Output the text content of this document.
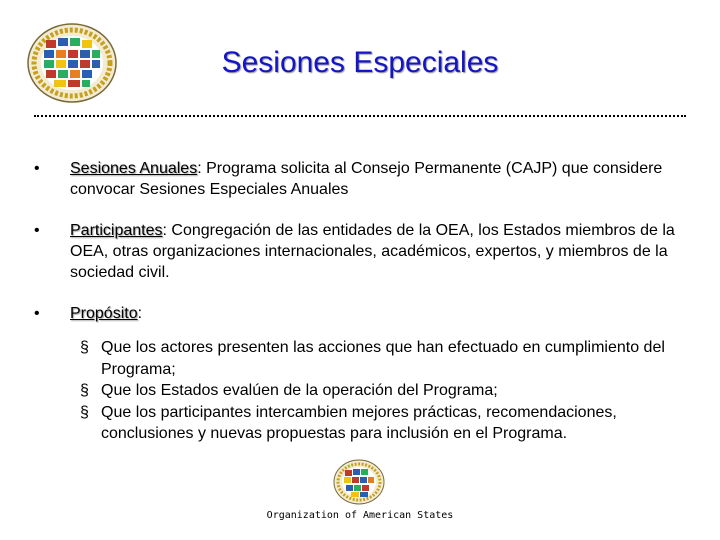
Sesiones Especiales
• Sesiones Anuales: Programa solicita al Consejo Permanente (CAJP) que considere convocar Sesiones Especiales Anuales
• Participantes: Congregación de las entidades de la OEA, los Estados miembros de la OEA, otras organizaciones internacionales, académicos, expertos, y miembros de la sociedad civil.
• Propósito:
§ Que los actores presenten las acciones que han efectuado en cumplimiento del Programa;
§ Que los Estados evalúen de la operación del Programa;
§ Que los participantes intercambien mejores prácticas, recomendaciones, conclusiones y nuevas propuestas para inclusión en el Programa.
Organization of American States
